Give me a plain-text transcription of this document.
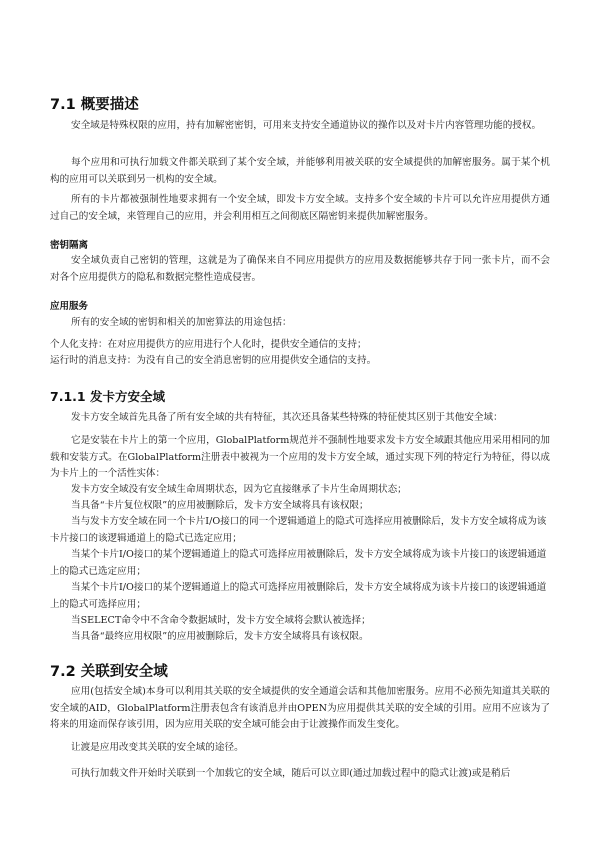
7.1 概要描述

安全域是特殊权限的应用，持有加解密密钥，可用来支持安全通道协议的操作以及对卡片内容管理功能的授权。

每个应用和可执行加载文件都关联到了某个安全域，并能够利用被关联的安全域提供的加解密服务。属于某个机构的应用可以关联到另一机构的安全域。

所有的卡片都被强制性地要求拥有一个安全域，即发卡方安全域。支持多个安全域的卡片可以允许应用提供方通过自己的安全域，来管理自己的应用，并会利用相互之间彻底区隔密钥来提供加解密服务。

密钥隔离

安全域负责自己密钥的管理，这就是为了确保来自不同应用提供方的应用及数据能够共存于同一张卡片，而不会对各个应用提供方的隐私和数据完整性造成侵害。

应用服务

所有的安全域的密钥和相关的加密算法的用途包括：

个人化支持：在对应用提供方的应用进行个人化时，提供安全通信的支持；

运行时的消息支持：为没有自己的安全消息密钥的应用提供安全通信的支持。

7.1.1 发卡方安全域

发卡方安全域首先具备了所有安全域的共有特征，其次还具备某些特殊的特征使其区别于其他安全域：

它是安装在卡片上的第一个应用，GlobalPlatform规范并不强制性地要求发卡方安全域跟其他应用采用相同的加载和安装方式。在GlobalPlatform注册表中被视为一个应用的发卡方安全域，通过实现下列的特定行为特征，得以成为卡片上的一个活性实体：

发卡方安全域没有安全域生命周期状态，因为它直接继承了卡片生命周期状态；

当具备“卡片复位权限”的应用被删除后，发卡方安全域将具有该权限；

当与发卡方安全域在同一个卡片I/O接口的同一个逻辑通道上的隐式可选择应用被删除后，发卡方安全域将成为该卡片接口的该逻辑通道上的隐式已选定应用；

当某个卡片I/O接口的某个逻辑通道上的隐式可选择应用被删除后，发卡方安全域将成为该卡片接口的该逻辑通道上的隐式已选定应用；

当某个卡片I/O接口的某个逻辑通道上的隐式可选择应用被删除后，发卡方安全域将成为该卡片接口的该逻辑通道上的隐式可选择应用；

当SELECT命令中不含命令数据域时，发卡方安全域将会默认被选择；

当具备“最终应用权限”的应用被删除后，发卡方安全域将具有该权限。

7.2 关联到安全域

应用(包括安全域)本身可以利用其关联的安全域提供的安全通道会话和其他加密服务。应用不必预先知道其关联的安全域的AID，GlobalPlatform注册表包含有该消息并由OPEN为应用提供其关联的安全域的引用。应用不应该为了将来的用途而保存该引用，因为应用关联的安全域可能会由于让渡操作而发生变化。

让渡是应用改变其关联的安全域的途径。

可执行加载文件开始时关联到一个加载它的安全域，随后可以立即(通过加载过程中的隐式让渡)或是稍后
